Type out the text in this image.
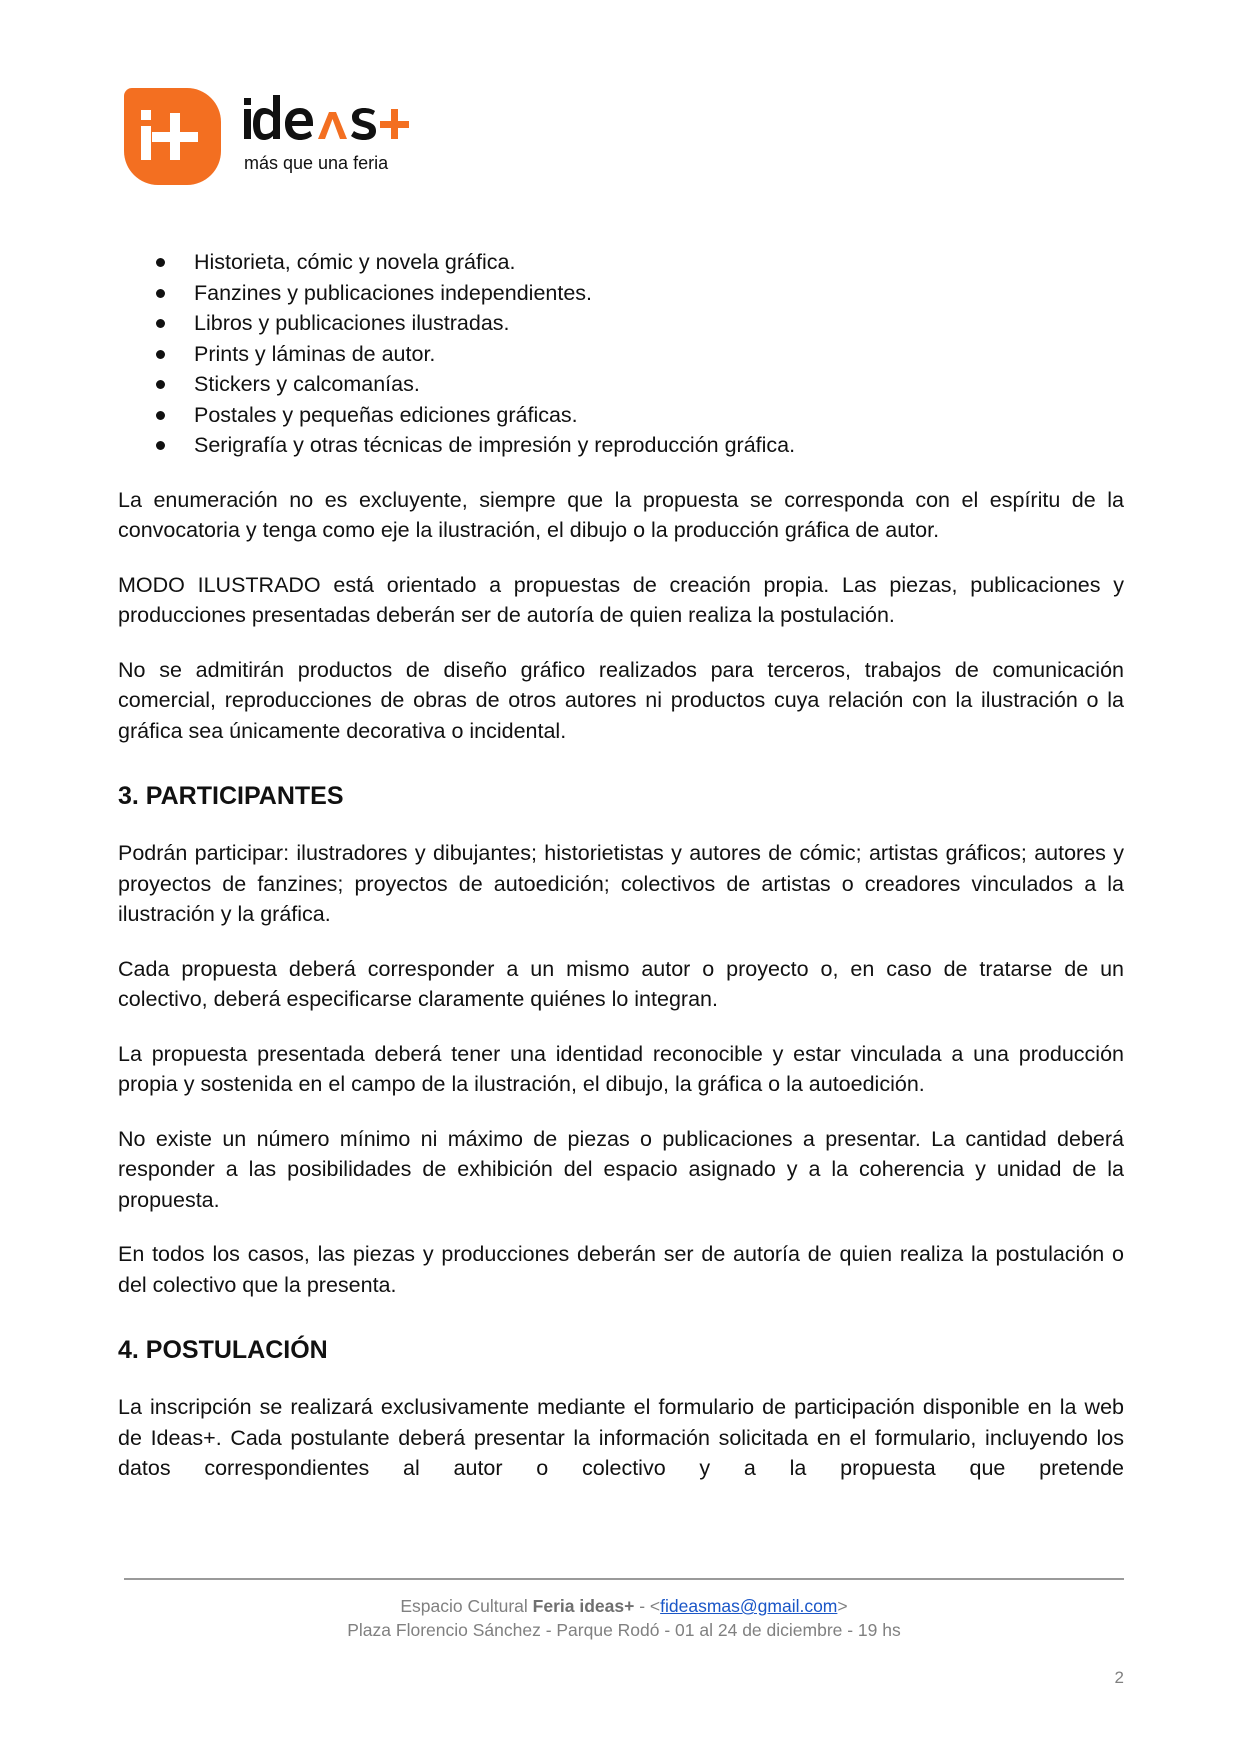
más que una feria
Historieta, cómic y novela gráfica.
Fanzines y publicaciones independientes.
Libros y publicaciones ilustradas.
Prints y láminas de autor.
Stickers y calcomanías.
Postales y pequeñas ediciones gráficas.
Serigrafía y otras técnicas de impresión y reproducción gráfica.

La enumeración no es excluyente, siempre que la propuesta se corresponda con el espíritu de la convocatoria y tenga como eje la ilustración, el dibujo o la producción gráfica de autor.

MODO ILUSTRADO está orientado a propuestas de creación propia. Las piezas, publicaciones y producciones presentadas deberán ser de autoría de quien realiza la postulación.

No se admitirán productos de diseño gráfico realizados para terceros, trabajos de comunicación comercial, reproducciones de obras de otros autores ni productos cuya relación con la ilustración o la gráfica sea únicamente decorativa o incidental.

3. PARTICIPANTES

Podrán participar: ilustradores y dibujantes; historietistas y autores de cómic; artistas gráficos; autores y proyectos de fanzines; proyectos de autoedición; colectivos de artistas o creadores vinculados a la ilustración y la gráfica.

Cada propuesta deberá corresponder a un mismo autor o proyecto o, en caso de tratarse de un colectivo, deberá especificarse claramente quiénes lo integran.

La propuesta presentada deberá tener una identidad reconocible y estar vinculada a una producción propia y sostenida en el campo de la ilustración, el dibujo, la gráfica o la autoedición.

No existe un número mínimo ni máximo de piezas o publicaciones a presentar. La cantidad deberá responder a las posibilidades de exhibición del espacio asignado y a la coherencia y unidad de la propuesta.

En todos los casos, las piezas y producciones deberán ser de autoría de quien realiza la postulación o del colectivo que la presenta.

4. POSTULACIÓN

La inscripción se realizará exclusivamente mediante el formulario de participación disponible en la web de Ideas+. Cada postulante deberá presentar la información solicitada en el formulario, incluyendo los datos correspondientes al autor o colectivo y a la propuesta que pretende

Espacio Cultural Feria ideas+ - <fideasmas@gmail.com>
Plaza Florencio Sánchez - Parque Rodó - 01 al 24 de diciembre - 19 hs
2
